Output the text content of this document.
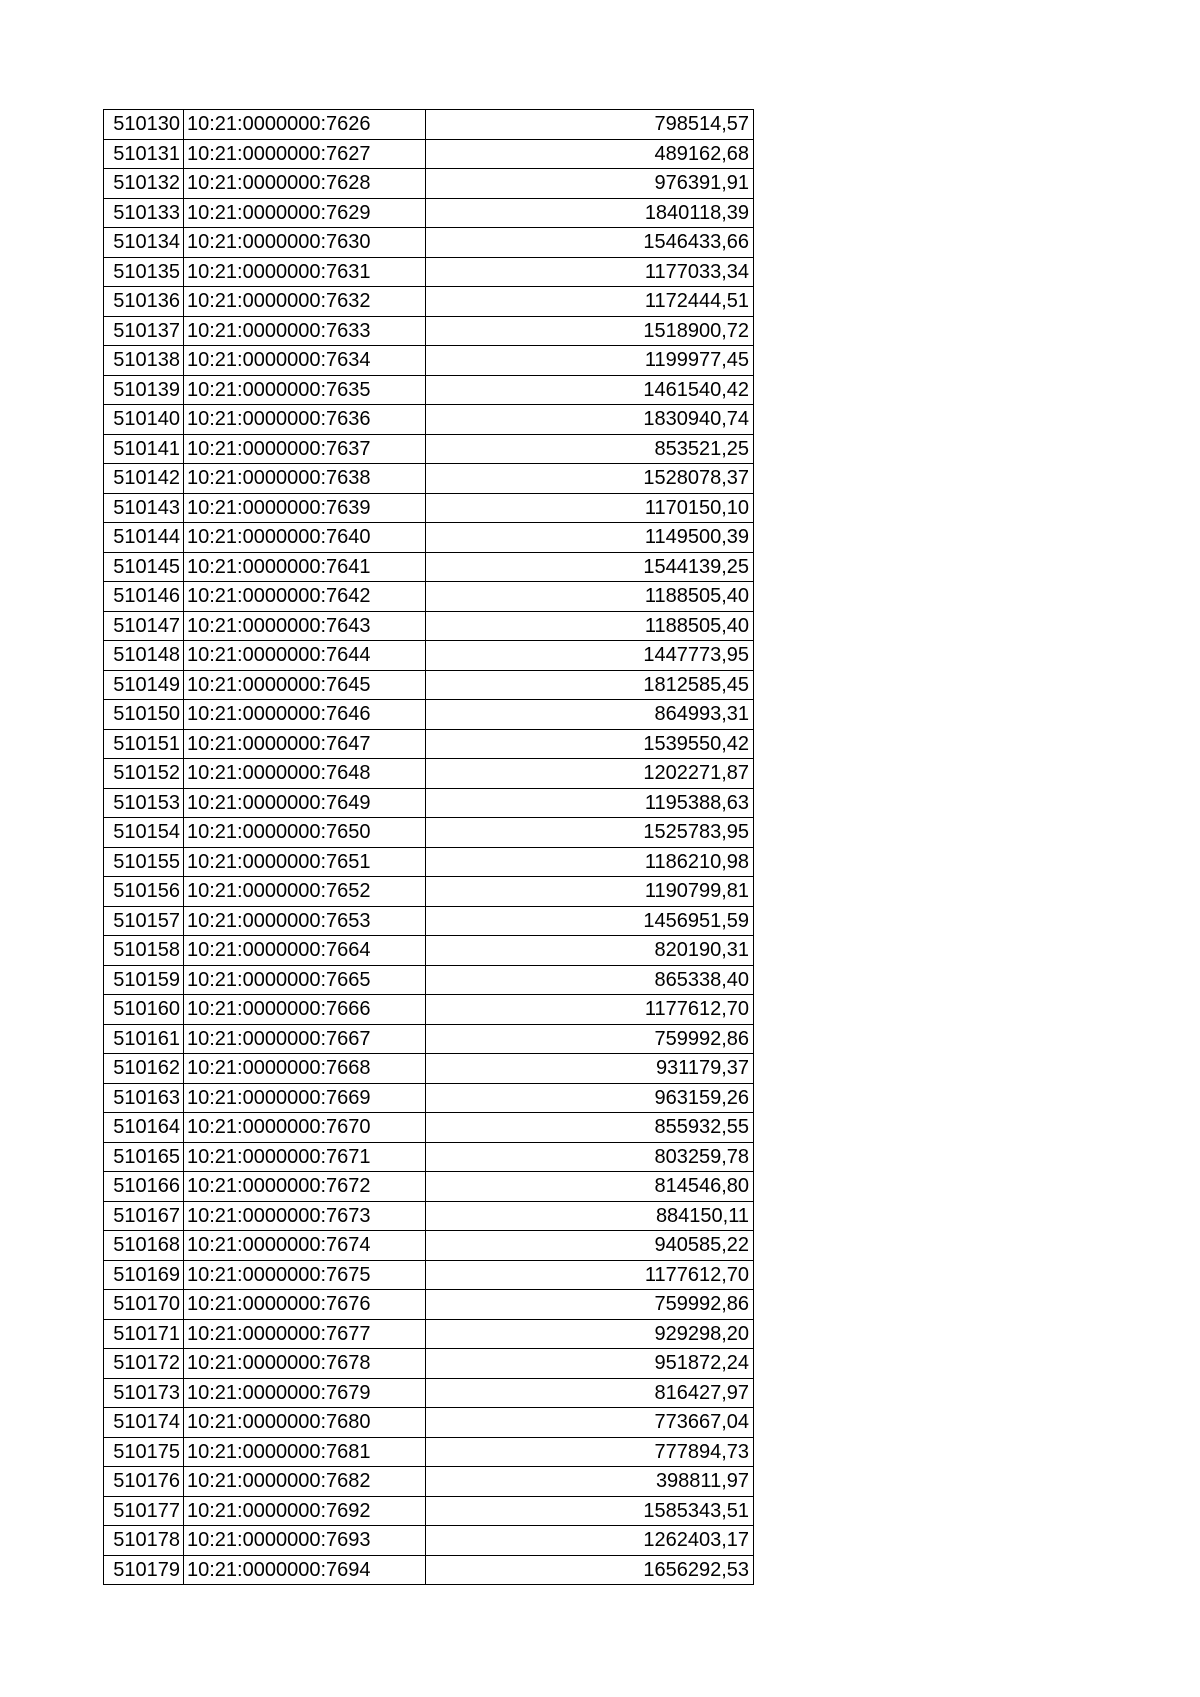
510130	10:21:0000000:7626	798514,57
510131	10:21:0000000:7627	489162,68
510132	10:21:0000000:7628	976391,91
510133	10:21:0000000:7629	1840118,39
510134	10:21:0000000:7630	1546433,66
510135	10:21:0000000:7631	1177033,34
510136	10:21:0000000:7632	1172444,51
510137	10:21:0000000:7633	1518900,72
510138	10:21:0000000:7634	1199977,45
510139	10:21:0000000:7635	1461540,42
510140	10:21:0000000:7636	1830940,74
510141	10:21:0000000:7637	853521,25
510142	10:21:0000000:7638	1528078,37
510143	10:21:0000000:7639	1170150,10
510144	10:21:0000000:7640	1149500,39
510145	10:21:0000000:7641	1544139,25
510146	10:21:0000000:7642	1188505,40
510147	10:21:0000000:7643	1188505,40
510148	10:21:0000000:7644	1447773,95
510149	10:21:0000000:7645	1812585,45
510150	10:21:0000000:7646	864993,31
510151	10:21:0000000:7647	1539550,42
510152	10:21:0000000:7648	1202271,87
510153	10:21:0000000:7649	1195388,63
510154	10:21:0000000:7650	1525783,95
510155	10:21:0000000:7651	1186210,98
510156	10:21:0000000:7652	1190799,81
510157	10:21:0000000:7653	1456951,59
510158	10:21:0000000:7664	820190,31
510159	10:21:0000000:7665	865338,40
510160	10:21:0000000:7666	1177612,70
510161	10:21:0000000:7667	759992,86
510162	10:21:0000000:7668	931179,37
510163	10:21:0000000:7669	963159,26
510164	10:21:0000000:7670	855932,55
510165	10:21:0000000:7671	803259,78
510166	10:21:0000000:7672	814546,80
510167	10:21:0000000:7673	884150,11
510168	10:21:0000000:7674	940585,22
510169	10:21:0000000:7675	1177612,70
510170	10:21:0000000:7676	759992,86
510171	10:21:0000000:7677	929298,20
510172	10:21:0000000:7678	951872,24
510173	10:21:0000000:7679	816427,97
510174	10:21:0000000:7680	773667,04
510175	10:21:0000000:7681	777894,73
510176	10:21:0000000:7682	398811,97
510177	10:21:0000000:7692	1585343,51
510178	10:21:0000000:7693	1262403,17
510179	10:21:0000000:7694	1656292,53
